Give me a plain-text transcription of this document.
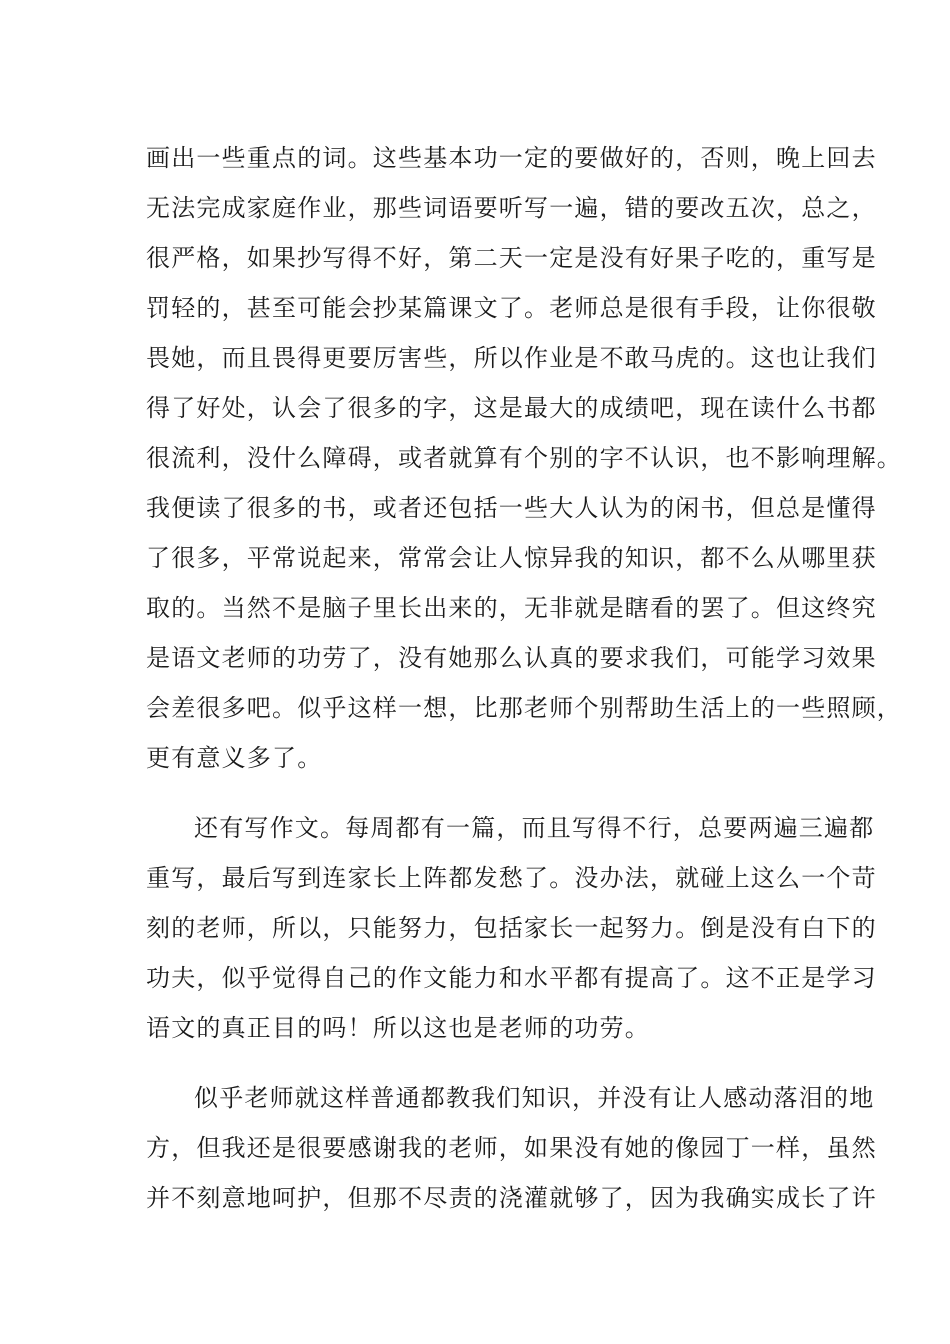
画出一些重点的词。这些基本功一定的要做好的，否则，晚上回去
无法完成家庭作业，那些词语要听写一遍，错的要改五次，总之，
很严格，如果抄写得不好，第二天一定是没有好果子吃的，重写是
罚轻的，甚至可能会抄某篇课文了。老师总是很有手段，让你很敬
畏她，而且畏得更要厉害些，所以作业是不敢马虎的。这也让我们
得了好处，认会了很多的字，这是最大的成绩吧，现在读什么书都
很流利，没什么障碍，或者就算有个别的字不认识，也不影响理解。
我便读了很多的书，或者还包括一些大人认为的闲书，但总是懂得
了很多，平常说起来，常常会让人惊异我的知识，都不么从哪里获
取的。当然不是脑子里长出来的，无非就是瞎看的罢了。但这终究
是语文老师的功劳了，没有她那么认真的要求我们，可能学习效果
会差很多吧。似乎这样一想，比那老师个别帮助生活上的一些照顾，
更有意义多了。
还有写作文。每周都有一篇，而且写得不行，总要两遍三遍都
重写，最后写到连家长上阵都发愁了。没办法，就碰上这么一个苛
刻的老师，所以，只能努力，包括家长一起努力。倒是没有白下的
功夫，似乎觉得自己的作文能力和水平都有提高了。这不正是学习
语文的真正目的吗！所以这也是老师的功劳。
似乎老师就这样普通都教我们知识，并没有让人感动落泪的地
方，但我还是很要感谢我的老师，如果没有她的像园丁一样，虽然
并不刻意地呵护，但那不尽责的浇灌就够了，因为我确实成长了许
